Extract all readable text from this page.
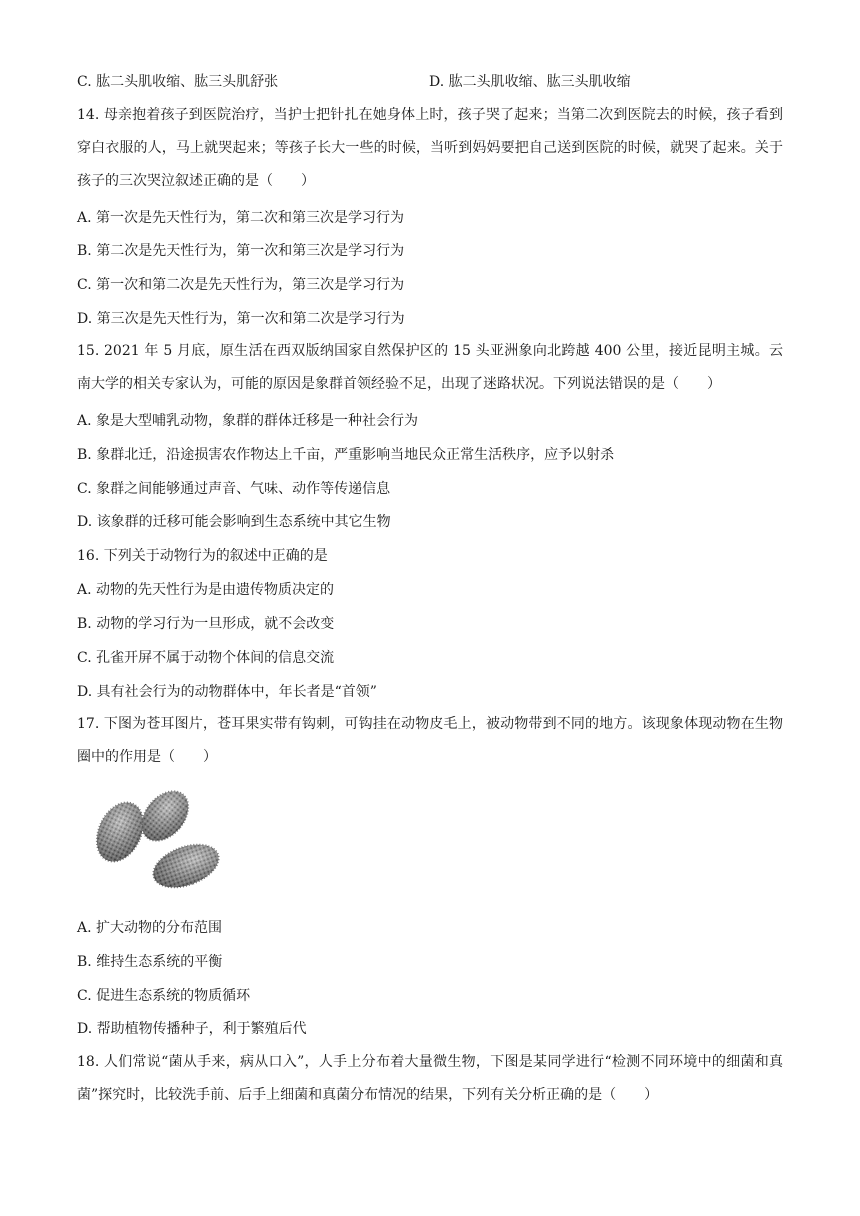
C. 肱二头肌收缩、肱三头肌舒张	D. 肱二头肌收缩、肱三头肌收缩
14. 母亲抱着孩子到医院治疗，当护士把针扎在她身体上时，孩子哭了起来；当第二次到医院去的时候，孩子看到穿白衣服的人，马上就哭起来；等孩子长大一些的时候，当听到妈妈要把自己送到医院的时候，就哭了起来。关于孩子的三次哭泣叙述正确的是（　　）
A. 第一次是先天性行为，第二次和第三次是学习行为
B. 第二次是先天性行为，第一次和第三次是学习行为
C. 第一次和第二次是先天性行为，第三次是学习行为
D. 第三次是先天性行为，第一次和第二次是学习行为
15. 2021 年 5 月底，原生活在西双版纳国家自然保护区的 15 头亚洲象向北跨越 400 公里，接近昆明主城。云南大学的相关专家认为，可能的原因是象群首领经验不足，出现了迷路状况。下列说法错误的是（　　）
A. 象是大型哺乳动物，象群的群体迁移是一种社会行为
B. 象群北迁，沿途损害农作物达上千亩，严重影响当地民众正常生活秩序，应予以射杀
C. 象群之间能够通过声音、气味、动作等传递信息
D. 该象群的迁移可能会影响到生态系统中其它生物
16. 下列关于动物行为的叙述中正确的是
A. 动物的先天性行为是由遗传物质决定的
B. 动物的学习行为一旦形成，就不会改变
C. 孔雀开屏不属于动物个体间的信息交流
D. 具有社会行为的动物群体中，年长者是“首领”
17. 下图为苍耳图片，苍耳果实带有钩刺，可钩挂在动物皮毛上，被动物带到不同的地方。该现象体现动物在生物圈中的作用是（　　）
A. 扩大动物的分布范围
B. 维持生态系统的平衡
C. 促进生态系统的物质循环
D. 帮助植物传播种子，利于繁殖后代
18. 人们常说“菌从手来，病从口入”，人手上分布着大量微生物，下图是某同学进行“检测不同环境中的细菌和真菌”探究时，比较洗手前、后手上细菌和真菌分布情况的结果，下列有关分析正确的是（　　）
